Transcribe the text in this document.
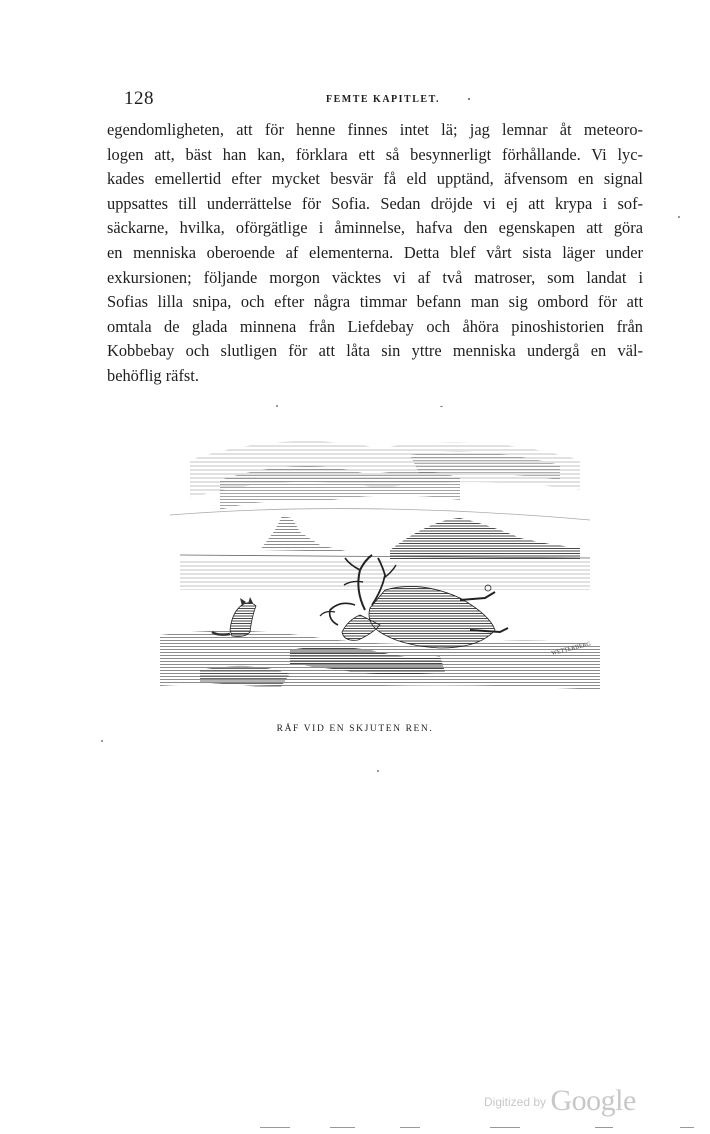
128	FEMTE KAPITLET.

egendomligheten, att för henne finnes intet lä; jag lemnar åt meteoro-
logen att, bäst han kan, förklara ett så besynnerligt förhållande. Vi lyc-
kades emellertid efter mycket besvär få eld upptänd, äfvensom en signal
uppsattes till underrättelse för Sofia. Sedan dröjde vi ej att krypa i sof-
säckarne, hvilka, oförgätlige i åminnelse, hafva den egenskapen att göra
en menniska oberoende af elementerna. Detta blef vårt sista läger under
exkursionen; följande morgon väcktes vi af två matroser, som landat i
Sofias lilla snipa, och efter några timmar befann man sig ombord för att
omtala de glada minnena från Liefdebay och åhöra pinoshistorien från
Kobbebay och slutligen för att låta sin yttre menniska undergå en väl-
behöflig räfst.

WETTERBERG
RÅF VID EN SKJUTEN REN.
$^{Digitized by}$ Google
